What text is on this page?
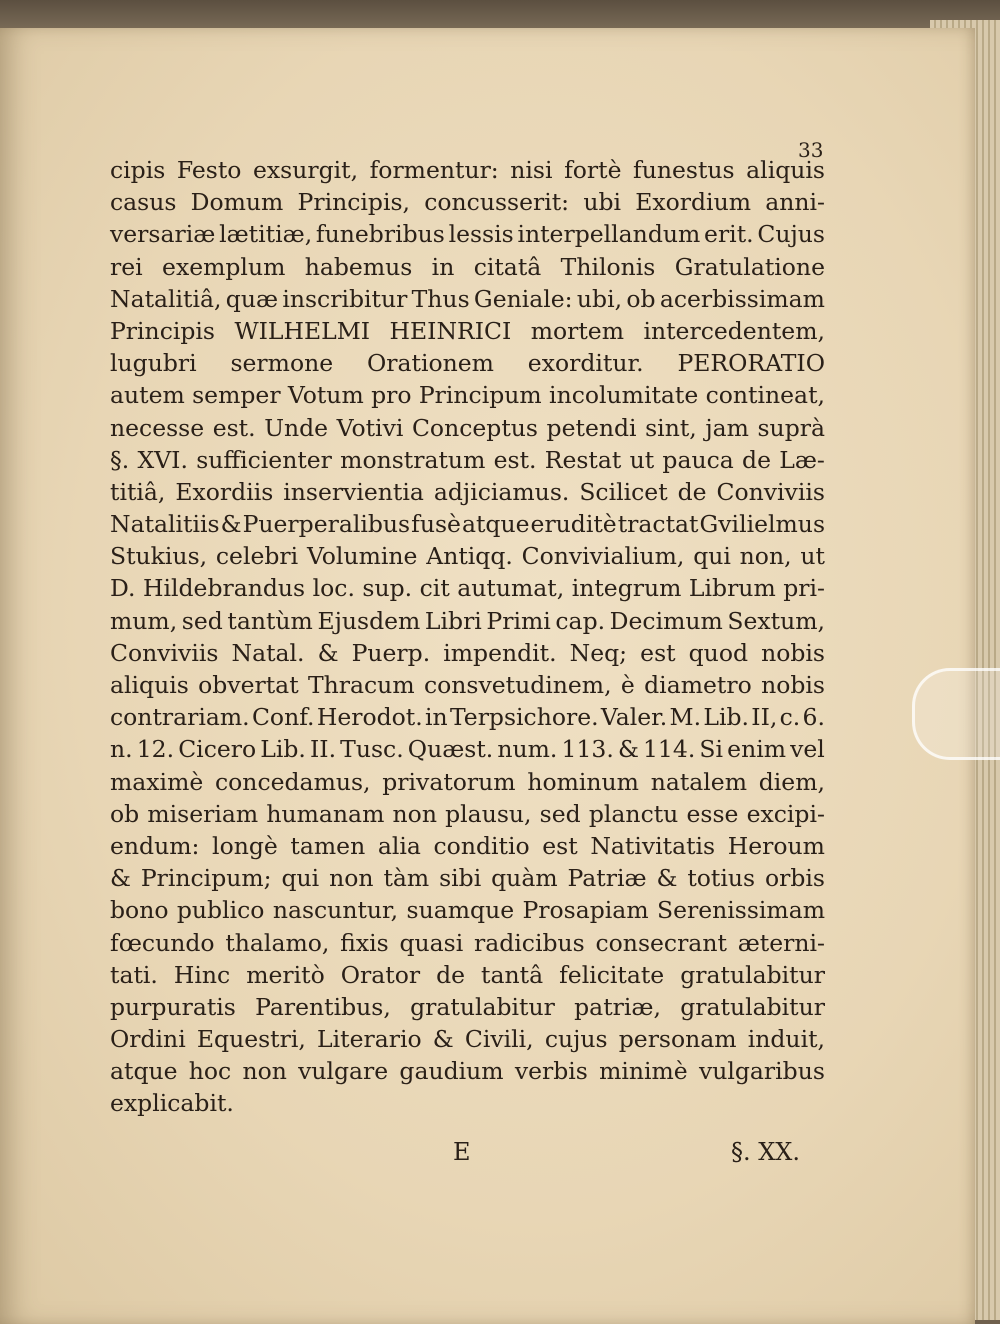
33
cipis Festo exsurgit, formentur: nisi fortè funestus aliquis
casus Domum Principis, concusserit: ubi Exordium anni-
versariæ lætitiæ, funebribus lessis interpellandum erit. Cujus
rei exemplum habemus in citatâ Thilonis Gratulatione
Natalitiâ, quæ inscribitur Thus Geniale: ubi, ob acerbissimam
Principis WILHELMI HEINRICI mortem intercedentem,
lugubri sermone Orationem exorditur. PERORATIO
autem semper Votum pro Principum incolumitate contineat,
necesse est. Unde Votivi Conceptus petendi sint, jam suprà
§. XVI. sufficienter monstratum est. Restat ut pauca de Læ-
titiâ, Exordiis inservientia adjiciamus. Scilicet de Conviviis
Natalitiis & Puerperalibus fusè atque eruditè tractat Gvilielmus
Stukius, celebri Volumine Antiqq. Convivialium, qui non, ut
D. Hildebrandus loc. sup. cit autumat, integrum Librum pri-
mum, sed tantùm Ejusdem Libri Primi cap. Decimum Sextum,
Conviviis Natal. & Puerp. impendit. Neq; est quod nobis
aliquis obvertat Thracum consvetudinem, è diametro nobis
contrariam. Conf. Herodot. in Terpsichore. Valer. M. Lib. II, c. 6.
n. 12. Cicero Lib. II. Tusc. Quæst. num. 113. & 114. Si enim vel
maximè concedamus, privatorum hominum natalem diem,
ob miseriam humanam non plausu, sed planctu esse excipi-
endum: longè tamen alia conditio est Nativitatis Heroum
& Principum; qui non tàm sibi quàm Patriæ & totius orbis
bono publico nascuntur, suamque Prosapiam Serenissimam
fœcundo thalamo, fixis quasi radicibus consecrant æterni-
tati. Hinc meritò Orator de tantâ felicitate gratulabitur
purpuratis Parentibus, gratulabitur patriæ, gratulabitur
Ordini Equestri, Literario & Civili, cujus personam induit,
atque hoc non vulgare gaudium verbis minimè vulgaribus
explicabit.
E	§. XX.
